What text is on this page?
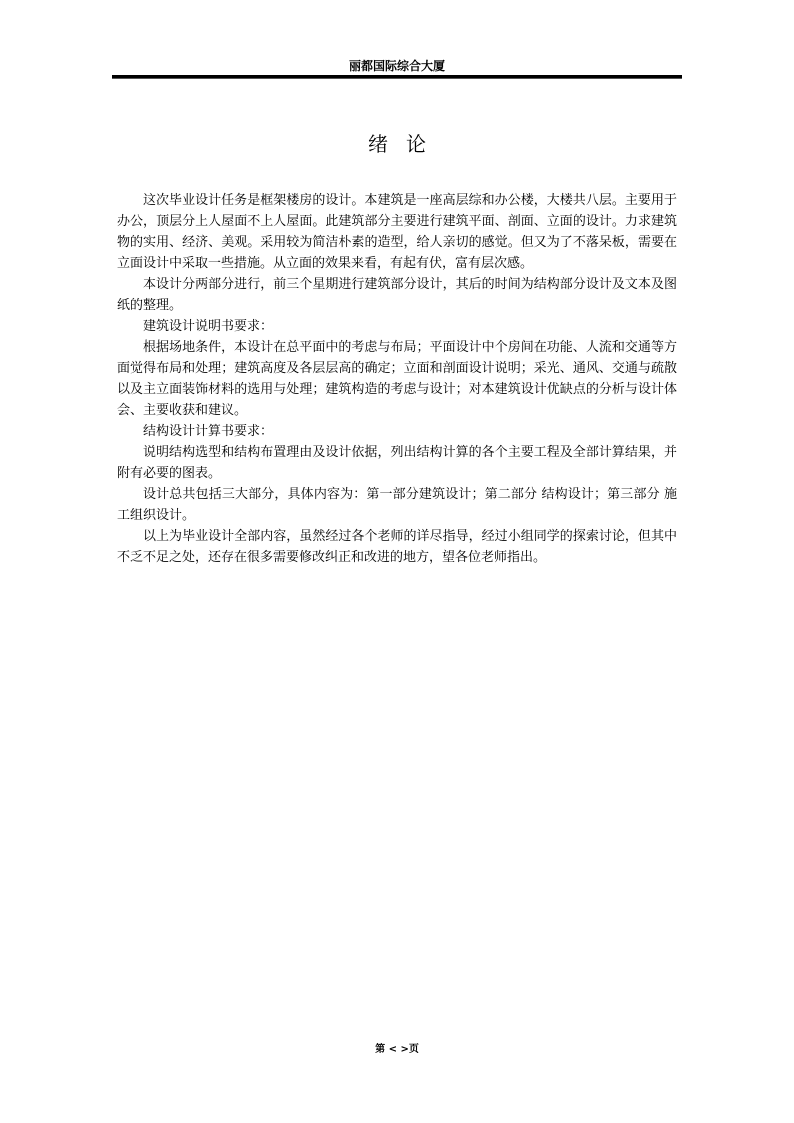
丽都国际综合大厦
绪论

这次毕业设计任务是框架楼房的设计。本建筑是一座高层综和办公楼，大楼共八层。主要用于办公，顶层分上人屋面不上人屋面。此建筑部分主要进行建筑平面、剖面、立面的设计。力求建筑物的实用、经济、美观。采用较为简洁朴素的造型，给人亲切的感觉。但又为了不落呆板，需要在立面设计中采取一些措施。从立面的效果来看，有起有伏，富有层次感。

本设计分两部分进行，前三个星期进行建筑部分设计，其后的时间为结构部分设计及文本及图纸的整理。

建筑设计说明书要求：

根据场地条件，本设计在总平面中的考虑与布局；平面设计中个房间在功能、人流和交通等方面觉得布局和处理；建筑高度及各层层高的确定；立面和剖面设计说明；采光、通风、交通与疏散以及主立面装饰材料的选用与处理；建筑构造的考虑与设计；对本建筑设计优缺点的分析与设计体会、主要收获和建议。

结构设计计算书要求：

说明结构选型和结构布置理由及设计依据，列出结构计算的各个主要工程及全部计算结果，并附有必要的图表。

设计总共包括三大部分，具体内容为：第一部分建筑设计；第二部分 结构设计；第三部分 施工组织设计。

以上为毕业设计全部内容，虽然经过各个老师的详尽指导，经过小组同学的探索讨论，但其中不乏不足之处，还存在很多需要修改纠正和改进的地方，望各位老师指出。

第 < >页
